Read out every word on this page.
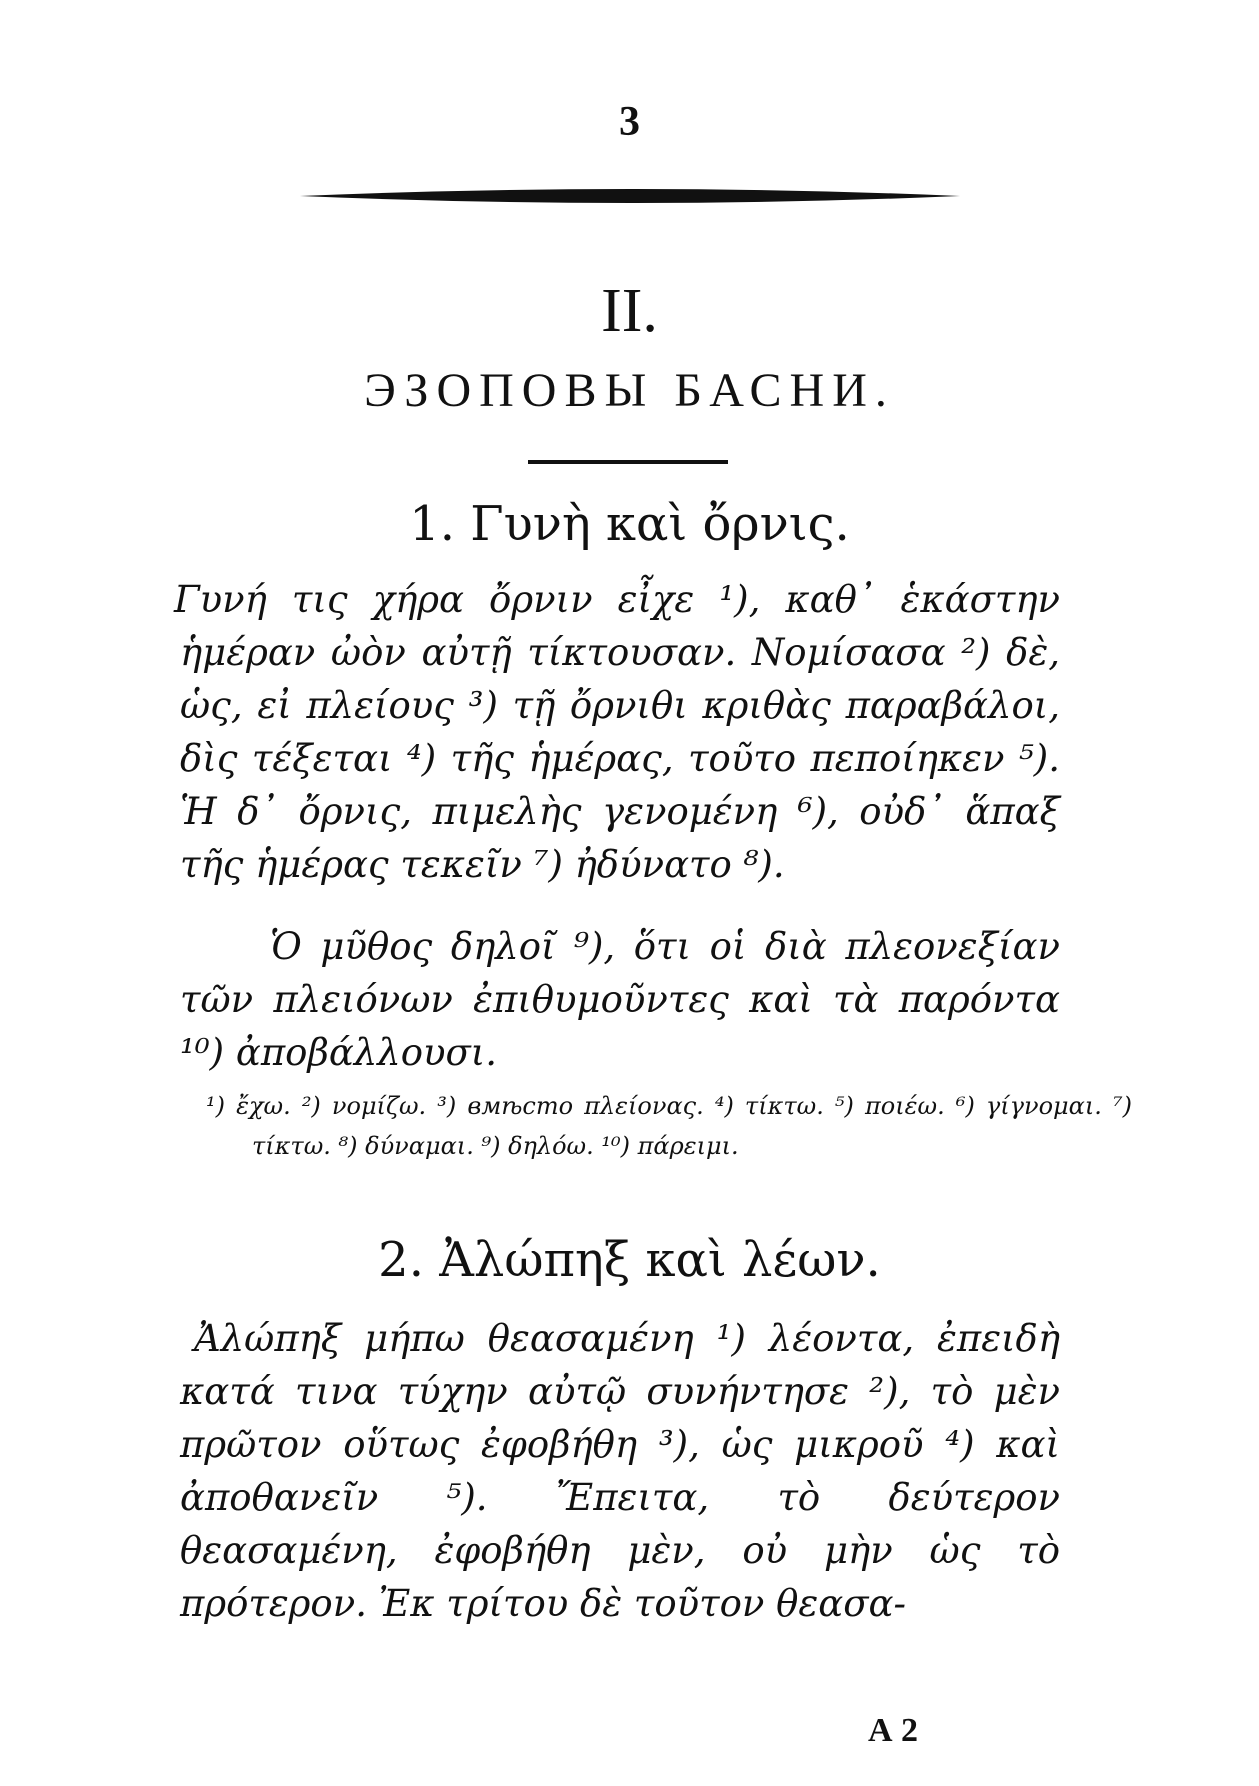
3
II.
ЭЗОПОВЫ БАСНИ.
1. Γυνὴ καὶ ὄρνις.

Γυνή τις χήρα ὄρνιν εἶχε ¹), καθ᾽ ἑκάστην ἡμέραν ὠὸν αὐτῇ τίκτουσαν. Νομίσασα ²) δὲ, ὡς, εἰ πλείους ³) τῇ ὄρνιθι κριθὰς παραβάλοι, δὶς τέξεται ⁴) τῆς ἡμέρας, τοῦτο πεποίηκεν ⁵). Ἡ δ᾽ ὄρνις, πιμελὴς γενομένη ⁶), οὐδ᾽ ἅπαξ τῆς ἡμέρας τεκεῖν ⁷) ἠδύνατο ⁸).

Ὁ μῦθος δηλοῖ ⁹), ὅτι οἱ διὰ πλεονεξίαν τῶν πλειόνων ἐπιθυμοῦντες καὶ τὰ παρόντα ¹⁰) ἀποβάλλουσι.

¹) ἔχω. ²) νομίζω. ³) вмѣсто πλείονας. ⁴) τίκτω. ⁵) ποιέω. ⁶) γίγνομαι. ⁷) τίκτω. ⁸) δύναμαι. ⁹) δηλόω. ¹⁰) πάρειμι.

2. Ἀλώπηξ καὶ λέων.

Ἀλώπηξ μήπω θεασαμένη ¹) λέοντα, ἐπειδὴ κατά τινα τύχην αὐτῷ συνήντησε ²), τὸ μὲν πρῶτον οὕτως ἐφοβήθη ³), ὡς μικροῦ ⁴) καὶ ἀποθανεῖν ⁵). Ἔπειτα, τὸ δεύτερον θεασαμένη, ἐφοβήθη μὲν, οὐ μὴν ὡς τὸ πρότερον. Ἐκ τρίτου δὲ τοῦτον θεασα-

А 2
